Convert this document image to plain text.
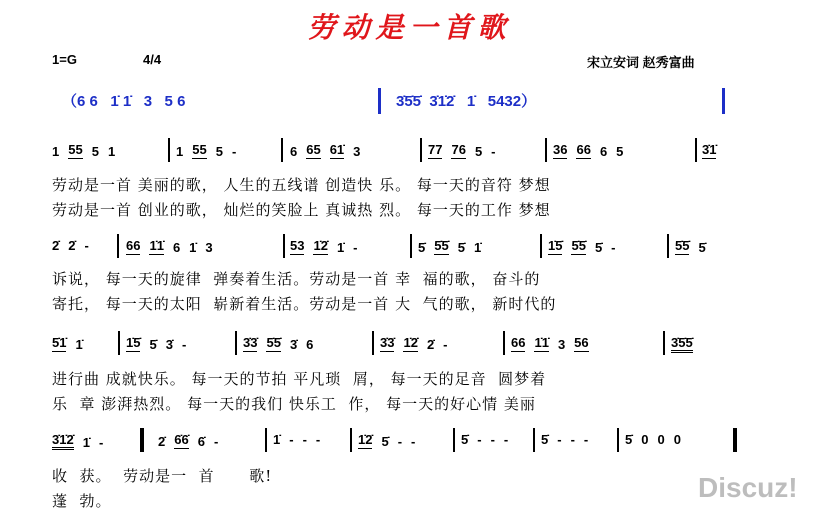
劳动是一首歌
1=G	4/4	宋立安词 赵秀富曲
（6 6   1̇ 1̇   3   5 6	3̇5̇5̇  3̇1̇2̇   1̇   5432）
1 55 5 1	1 55 5 -	6 65 61̇ 3	77 76 5 -	36 66 6 5	3̇1̇
劳动是一首 美丽的歌， 人生的五线谱 创造快 乐。 每一天的音符 梦想
劳动是一首 创业的歌， 灿烂的笑脸上 真诚热 烈。 每一天的工作 梦想
2̇ 2̇ -	66 1̇1̇ 6 1̇ 3	53 1̇2̇ 1̇ -	5̇ 5̇5̇ 5̇ 1̇	1̇5̇ 5̇5̇ 5̇ -	5̇5̇ 5̇
诉说， 每一天的旋律  弹奏着生活。劳动是一首 幸  福的歌， 奋斗的
寄托， 每一天的太阳  崭新着生活。劳动是一首 大  气的歌， 新时代的
5̇1̇ 1̇	1̇5̇ 5̇ 3̇ -	3̇3̇ 5̇5̇ 3̇ 6	3̇3̇ 1̇2̇ 2̇ -	66 1̇1̇ 3 56	3̇5̇5̇
进行曲 成就快乐。 每一天的节拍 平凡琐  屑， 每一天的足音  圆梦着
乐  章 澎湃热烈。 每一天的我们 快乐工  作， 每一天的好心情 美丽
3̇1̇2̇ 1̇ -	2̇ 6̇6̇ 6̇ -	1̇ - - -	1̇2̇ 5̇ - -	5̇ - - -	5̇ - - -	5̇ 0 0 0
收  获。  劳动是一  首      歌!
蓬  勃。	Discuz!
